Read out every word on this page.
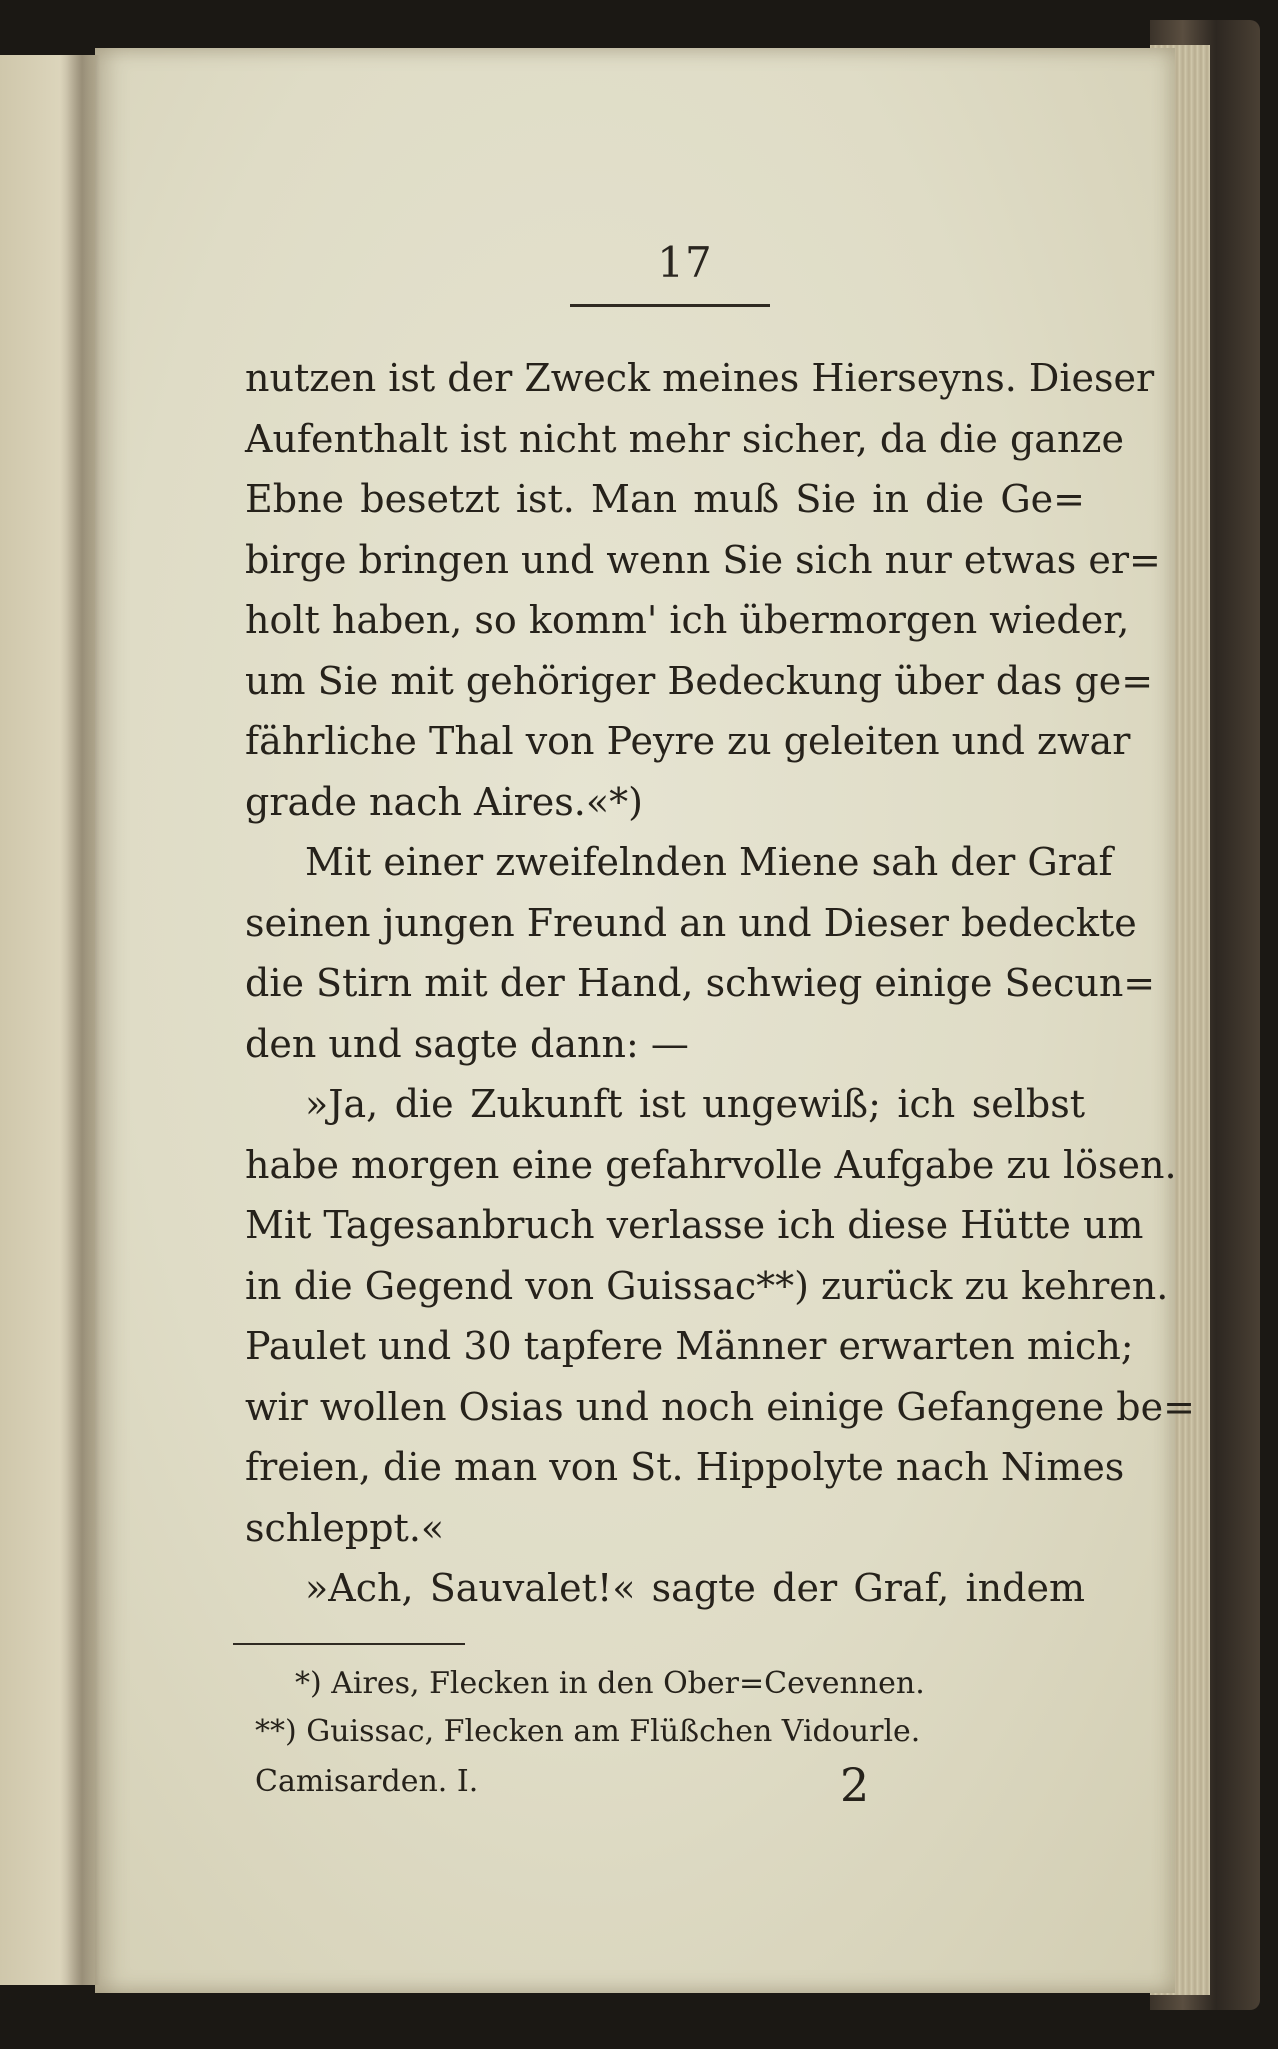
17
nutzen ist der Zweck meines Hierseyns. Dieser
Aufenthalt ist nicht mehr sicher, da die ganze
Ebne besetzt ist. Man muß Sie in die Ge=
birge bringen und wenn Sie sich nur etwas er=
holt haben, so komm' ich übermorgen wieder,
um Sie mit gehöriger Bedeckung über das ge=
fährliche Thal von Peyre zu geleiten und zwar
grade nach Aires.«*)
Mit einer zweifelnden Miene sah der Graf
seinen jungen Freund an und Dieser bedeckte
die Stirn mit der Hand, schwieg einige Secun=
den und sagte dann: —
»Ja, die Zukunft ist ungewiß; ich selbst
habe morgen eine gefahrvolle Aufgabe zu lösen.
Mit Tagesanbruch verlasse ich diese Hütte um
in die Gegend von Guissac**) zurück zu kehren.
Paulet und 30 tapfere Männer erwarten mich;
wir wollen Osias und noch einige Gefangene be=
freien, die man von St. Hippolyte nach Nimes
schleppt.«
»Ach, Sauvalet!« sagte der Graf, indem
*) Aires, Flecken in den Ober=Cevennen.
**) Guissac, Flecken am Flüßchen Vidourle.
Camisarden. I.	2
